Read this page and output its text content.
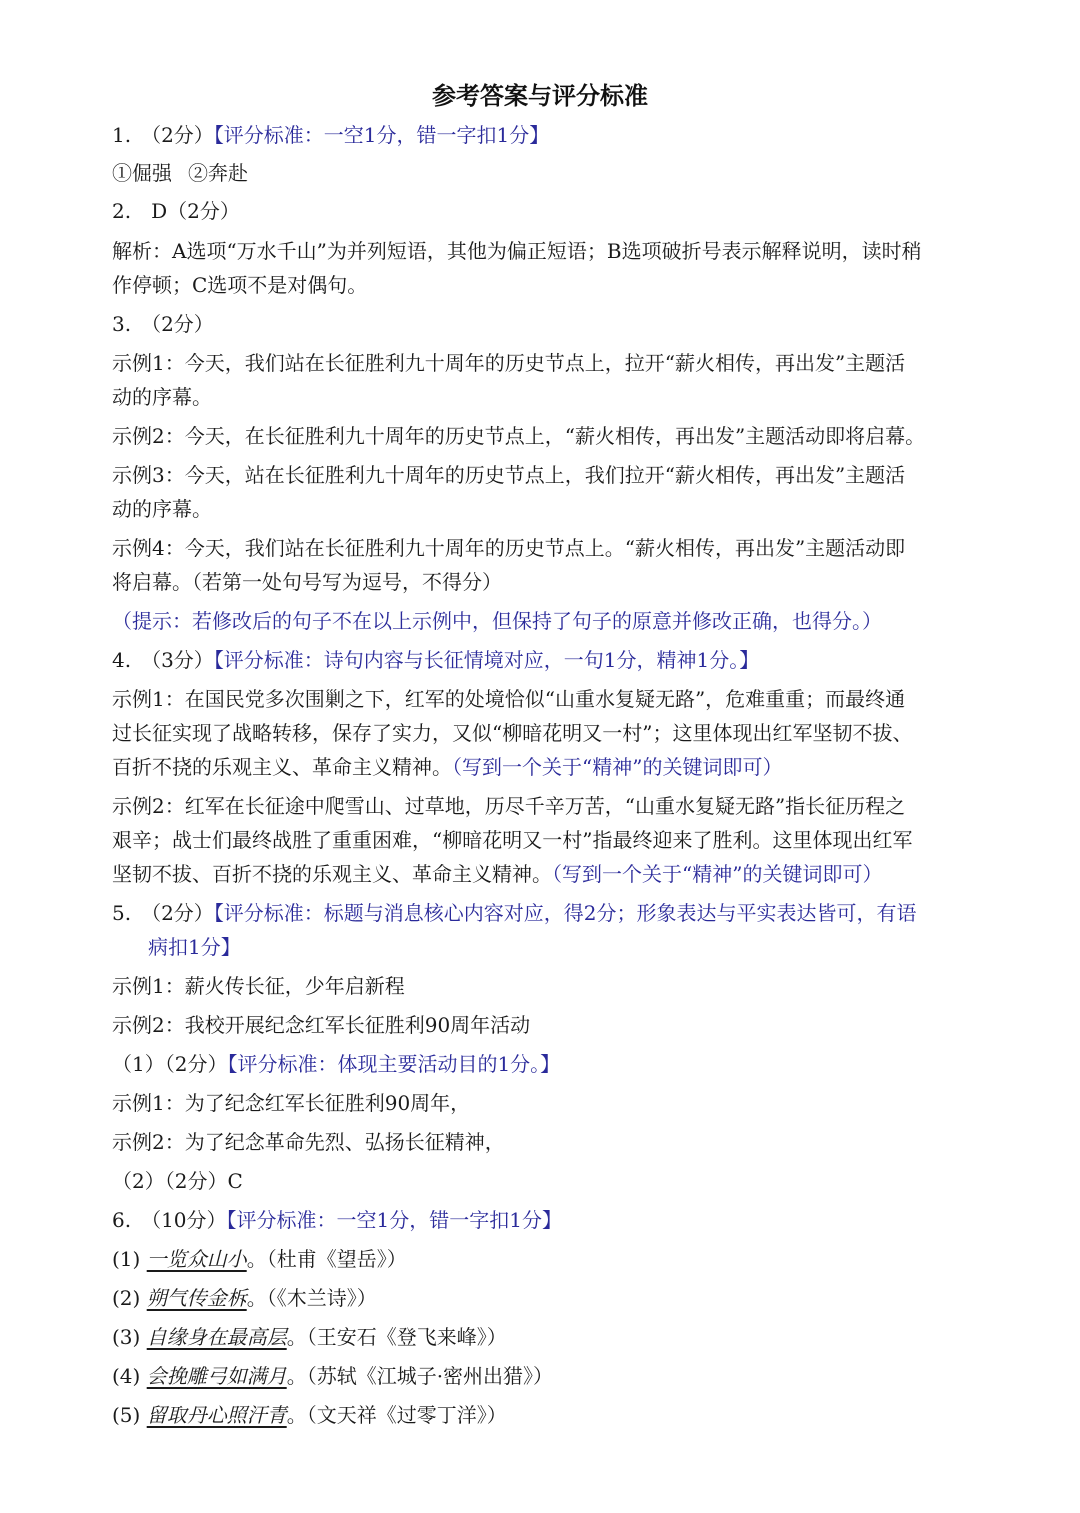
参考答案与评分标准
1.　（2分）【评分标准：一空1分，错一字扣1分】
①倔强 ②奔赴
2.　D（2分）
解析：A选项“万水千山”为并列短语，其他为偏正短语；B选项破折号表示解释说明，读时稍
作停顿；C选项不是对偶句。
3.　（2分）
示例1：今天，我们站在长征胜利九十周年的历史节点上，拉开“薪火相传，再出发”主题活
动的序幕。
示例2：今天，在长征胜利九十周年的历史节点上，“薪火相传，再出发”主题活动即将启幕。
示例3：今天，站在长征胜利九十周年的历史节点上，我们拉开“薪火相传，再出发”主题活
动的序幕。
示例4：今天，我们站在长征胜利九十周年的历史节点上。“薪火相传，再出发”主题活动即
将启幕。（若第一处句号写为逗号，不得分）
（提示：若修改后的句子不在以上示例中，但保持了句子的原意并修改正确，也得分。）
4.　（3分）【评分标准：诗句内容与长征情境对应，一句1分，精神1分。】
示例1：在国民党多次围剿之下，红军的处境恰似“山重水复疑无路”，危难重重；而最终通
过长征实现了战略转移，保存了实力，又似“柳暗花明又一村”；这里体现出红军坚韧不拔、
百折不挠的乐观主义、革命主义精神。（写到一个关于“精神”的关键词即可）
示例2：红军在长征途中爬雪山、过草地，历尽千辛万苦，“山重水复疑无路”指长征历程之
艰辛；战士们最终战胜了重重困难，“柳暗花明又一村”指最终迎来了胜利。这里体现出红军
坚韧不拔、百折不挠的乐观主义、革命主义精神。（写到一个关于“精神”的关键词即可）
5.　（2分）【评分标准：标题与消息核心内容对应，得2分；形象表达与平实表达皆可，有语
病扣1分】
示例1：薪火传长征，少年启新程
示例2：我校开展纪念红军长征胜利90周年活动
（1）（2分）【评分标准：体现主要活动目的1分。】
示例1：为了纪念红军长征胜利90周年，
示例2：为了纪念革命先烈、弘扬长征精神，
（2）（2分）C
6.　（10分）【评分标准：一空1分，错一字扣1分】
(1) 一览众山小。（杜甫《望岳》）
(2) 朔气传金柝。（《木兰诗》）
(3) 自缘身在最高层。（王安石《登飞来峰》）
(4) 会挽雕弓如满月。（苏轼《江城子·密州出猎》）
(5) 留取丹心照汗青。（文天祥《过零丁洋》）
